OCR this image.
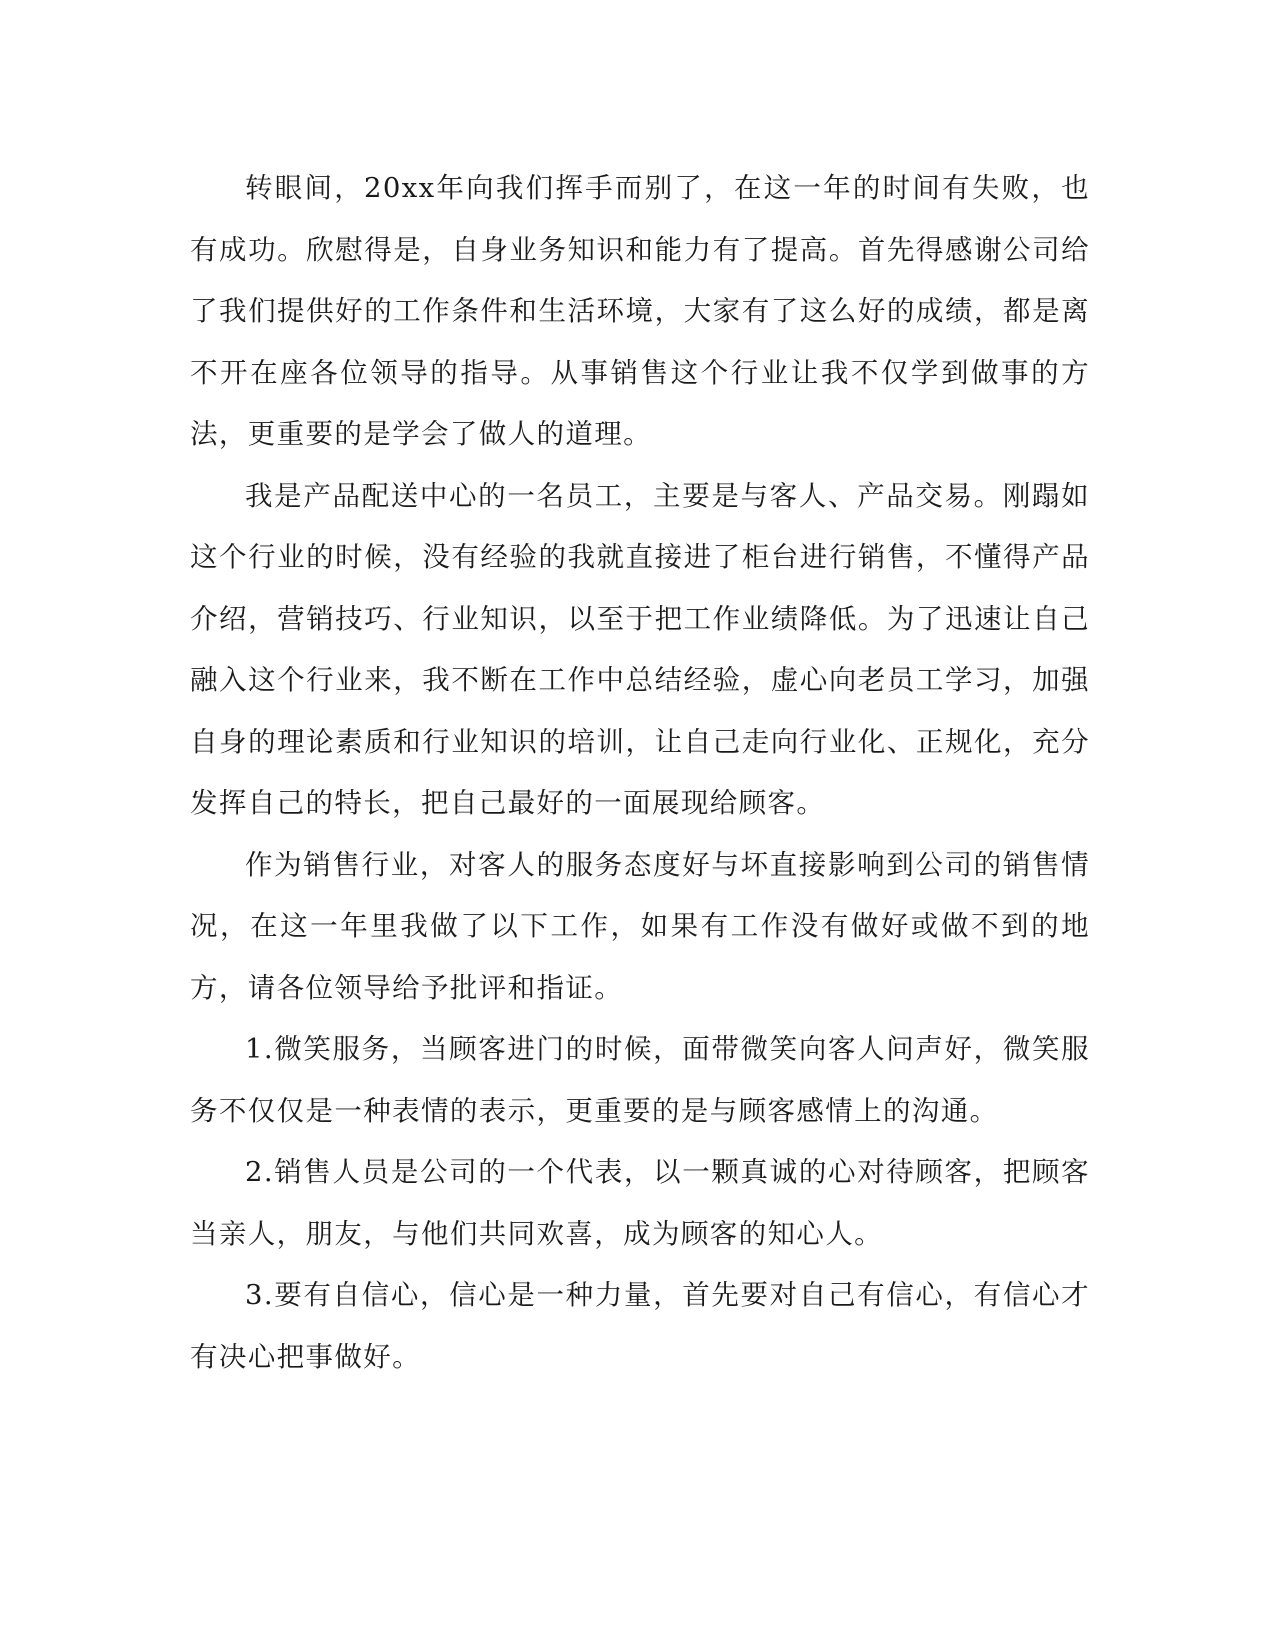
转眼间，20xx年向我们挥手而别了，在这一年的时间有失败，也有成功。欣慰得是，自身业务知识和能力有了提高。首先得感谢公司给了我们提供好的工作条件和生活环境，大家有了这么好的成绩，都是离不开在座各位领导的指导。从事销售这个行业让我不仅学到做事的方法，更重要的是学会了做人的道理。

我是产品配送中心的一名员工，主要是与客人、产品交易。刚蹋如这个行业的时候，没有经验的我就直接进了柜台进行销售，不懂得产品介绍，营销技巧、行业知识，以至于把工作业绩降低。为了迅速让自己融入这个行业来，我不断在工作中总结经验，虚心向老员工学习，加强自身的理论素质和行业知识的培训，让自己走向行业化、正规化，充分发挥自己的特长，把自己最好的一面展现给顾客。

作为销售行业，对客人的服务态度好与坏直接影响到公司的销售情况，在这一年里我做了以下工作，如果有工作没有做好或做不到的地方，请各位领导给予批评和指证。

1.微笑服务，当顾客进门的时候，面带微笑向客人问声好，微笑服务不仅仅是一种表情的表示，更重要的是与顾客感情上的沟通。

2.销售人员是公司的一个代表，以一颗真诚的心对待顾客，把顾客当亲人，朋友，与他们共同欢喜，成为顾客的知心人。

3.要有自信心，信心是一种力量，首先要对自己有信心，有信心才有决心把事做好。
